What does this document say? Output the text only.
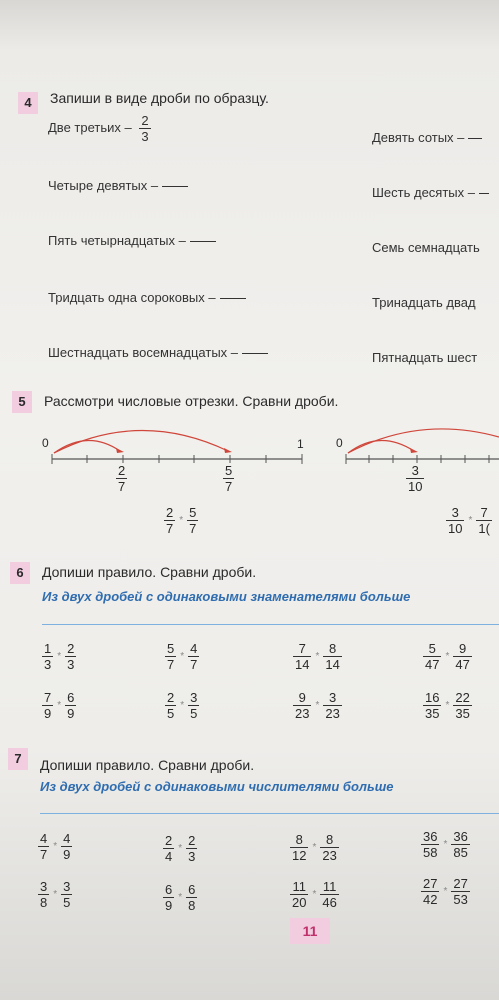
4	Запиши в виде дроби по образцу.
Две третьих – $\frac{2}{3}$
Четыре девятых –
Пять четырнадцатых –
Тридцать одна сороковых –
Шестнадцать восемнадцатых –
Девять сотых –
Шесть десятых –
Семь семнадцать
Тринадцать двад
Пятнадцать шест
5	Рассмотри числовые отрезки. Сравни дроби.
0	1	0
$\frac{2}{7}$	$\frac{5}{7}$	$\frac{3}{10}$
$\frac{2}{7} * \frac{5}{7}$	$\frac{3}{10} * \frac{7}{1(}$
6	Допиши правило. Сравни дроби.
Из двух дробей с одинаковыми знаменателями больше
$\frac{1}{3} * \frac{2}{3}$	$\frac{5}{7} * \frac{4}{7}$	$\frac{7}{14} * \frac{8}{14}$	$\frac{5}{47} * \frac{9}{47}$
$\frac{7}{9} * \frac{6}{9}$	$\frac{2}{5} * \frac{3}{5}$	$\frac{9}{23} * \frac{3}{23}$	$\frac{16}{35} * \frac{22}{35}$
7	Допиши правило. Сравни дроби.
Из двух дробей с одинаковыми числителями больше
$\frac{4}{7} * \frac{4}{9}$	$\frac{2}{4} * \frac{2}{3}$	$\frac{8}{12} * \frac{8}{23}$	$\frac{36}{58} * \frac{36}{85}$
$\frac{3}{8} * \frac{3}{5}$	$\frac{6}{9} * \frac{6}{8}$	$\frac{11}{20} * \frac{11}{46}$	$\frac{27}{42} * \frac{27}{53}$
11
